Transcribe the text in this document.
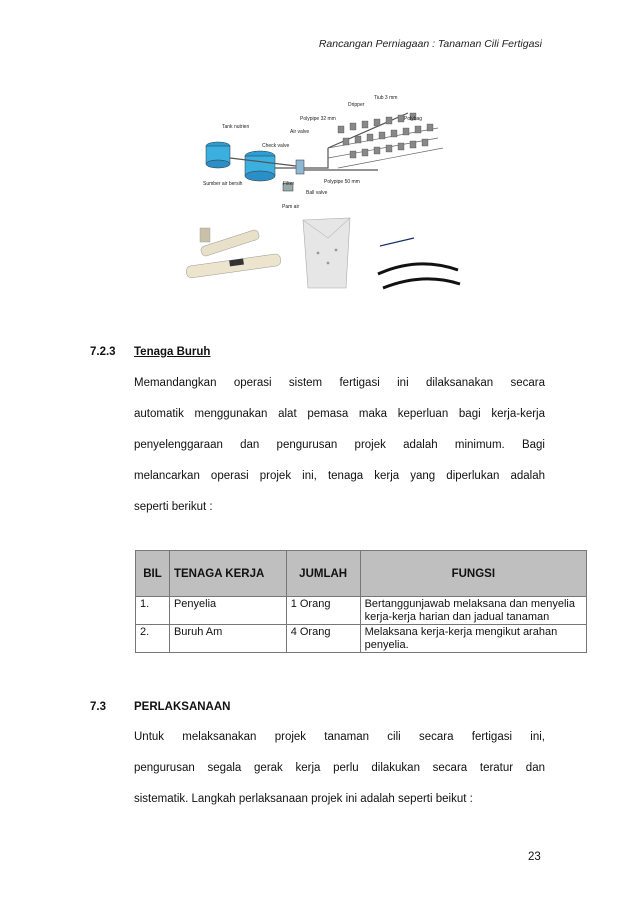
Rancangan Perniagaan : Tanaman Cili Fertigasi
Tiub 3 mm
Dripper
Polypipe 32 mm	Polybag
Tank nutrien
Air valve
Check valve
Sumber air bersih	Filter	Polypipe 50 mm
Ball valve
Pam air
7.2.3 Tenaga Buruh
Memandangkan operasi sistem fertigasi ini dilaksanakan secara
automatik menggunakan alat pemasa maka keperluan bagi kerja-kerja
penyelenggaraan dan pengurusan projek adalah minimum. Bagi
melancarkan operasi projek ini, tenaga kerja yang diperlukan adalah
seperti berikut :
BIL	TENAGA KERJA	JUMLAH	FUNGSI
1.	Penyelia	1 Orang	Bertanggunjawab melaksana dan menyelia kerja-kerja harian dan jadual tanaman
2.	Buruh Am	4 Orang	Melaksana kerja-kerja mengikut arahan penyelia.
7.3 PERLAKSANAAN
Untuk melaksanakan projek tanaman cili secara fertigasi ini,
pengurusan segala gerak kerja perlu dilakukan secara teratur dan
sistematik. Langkah perlaksanaan projek ini adalah seperti beikut :
23
